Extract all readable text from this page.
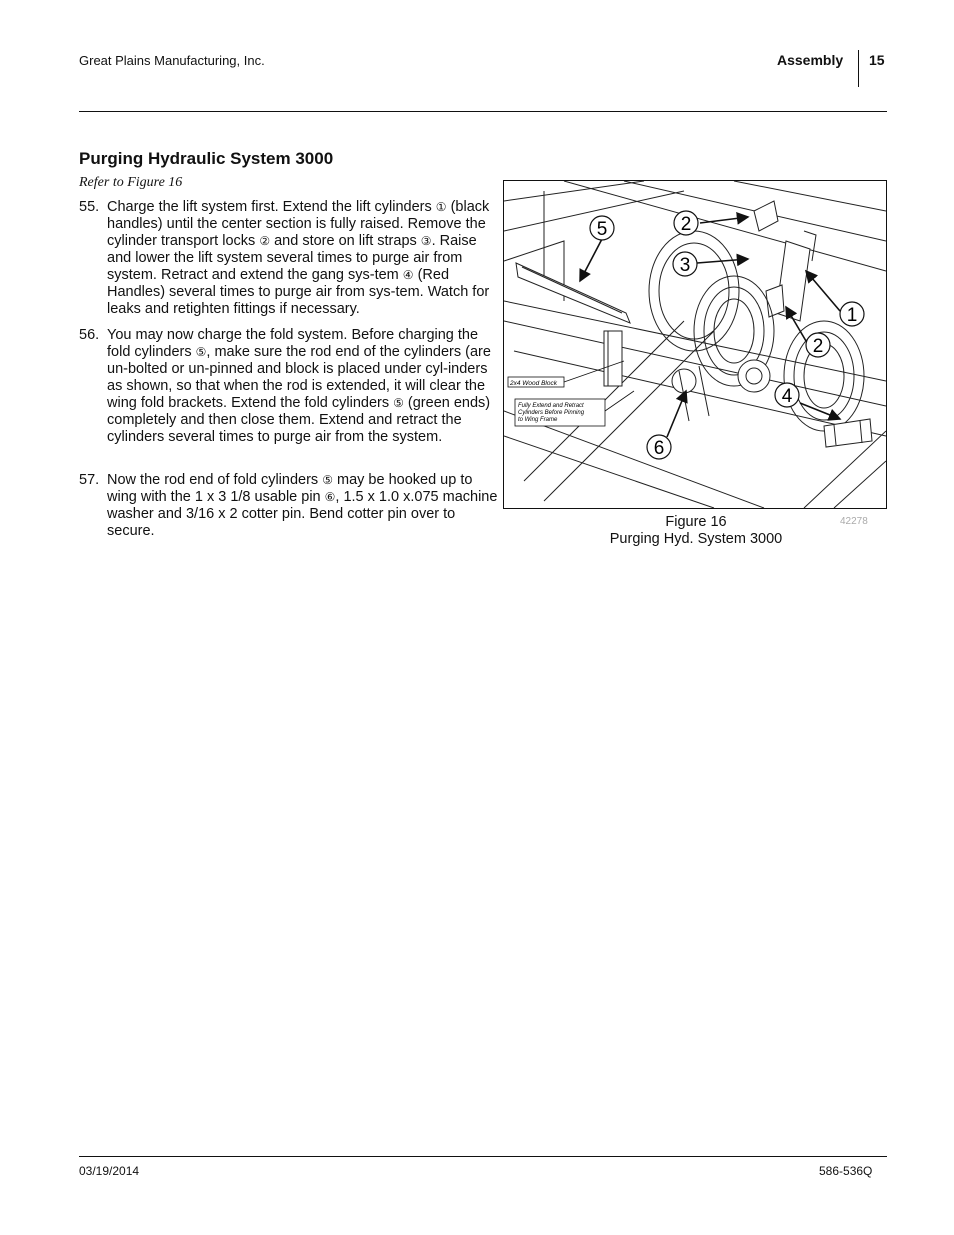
Great Plains Manufacturing, Inc.	Assembly 15
Purging Hydraulic System 3000
Refer to Figure 16
55. Charge the lift system first. Extend the lift cylinders ① (black handles) until the center section is fully raised. Remove the cylinder transport locks ② and store on lift straps ③. Raise and lower the lift system several times to purge air from system. Retract and extend the gang sys-tem ④ (Red Handles) several times to purge air from sys-tem. Watch for leaks and retighten fittings if necessary.
56. You may now charge the fold system. Before charging the fold cylinders ⑤, make sure the rod end of the cylinders (are un-bolted or un-pinned and block is placed under cyl-inders as shown, so that when the rod is extended, it will clear the wing fold brackets. Extend the fold cylinders ⑤ (green ends) completely and then close them. Extend and retract the cylinders several times to purge air from the system.
57. Now the rod end of fold cylinders ⑤ may be hooked up to wing with the 1 x 3 1/8 usable pin ⑥, 1.5 x 1.0 x.075 machine washer and 3/16 x 2 cotter pin. Bend cotter pin over to secure.
2x4 Wood Block
Fully Extend and Retract
Cylinders Before Pinning
to Wing Frame
5	2
3
1
2
4
6
Figure 16
Purging Hyd. System 3000
42278
03/19/2014	586-536Q
